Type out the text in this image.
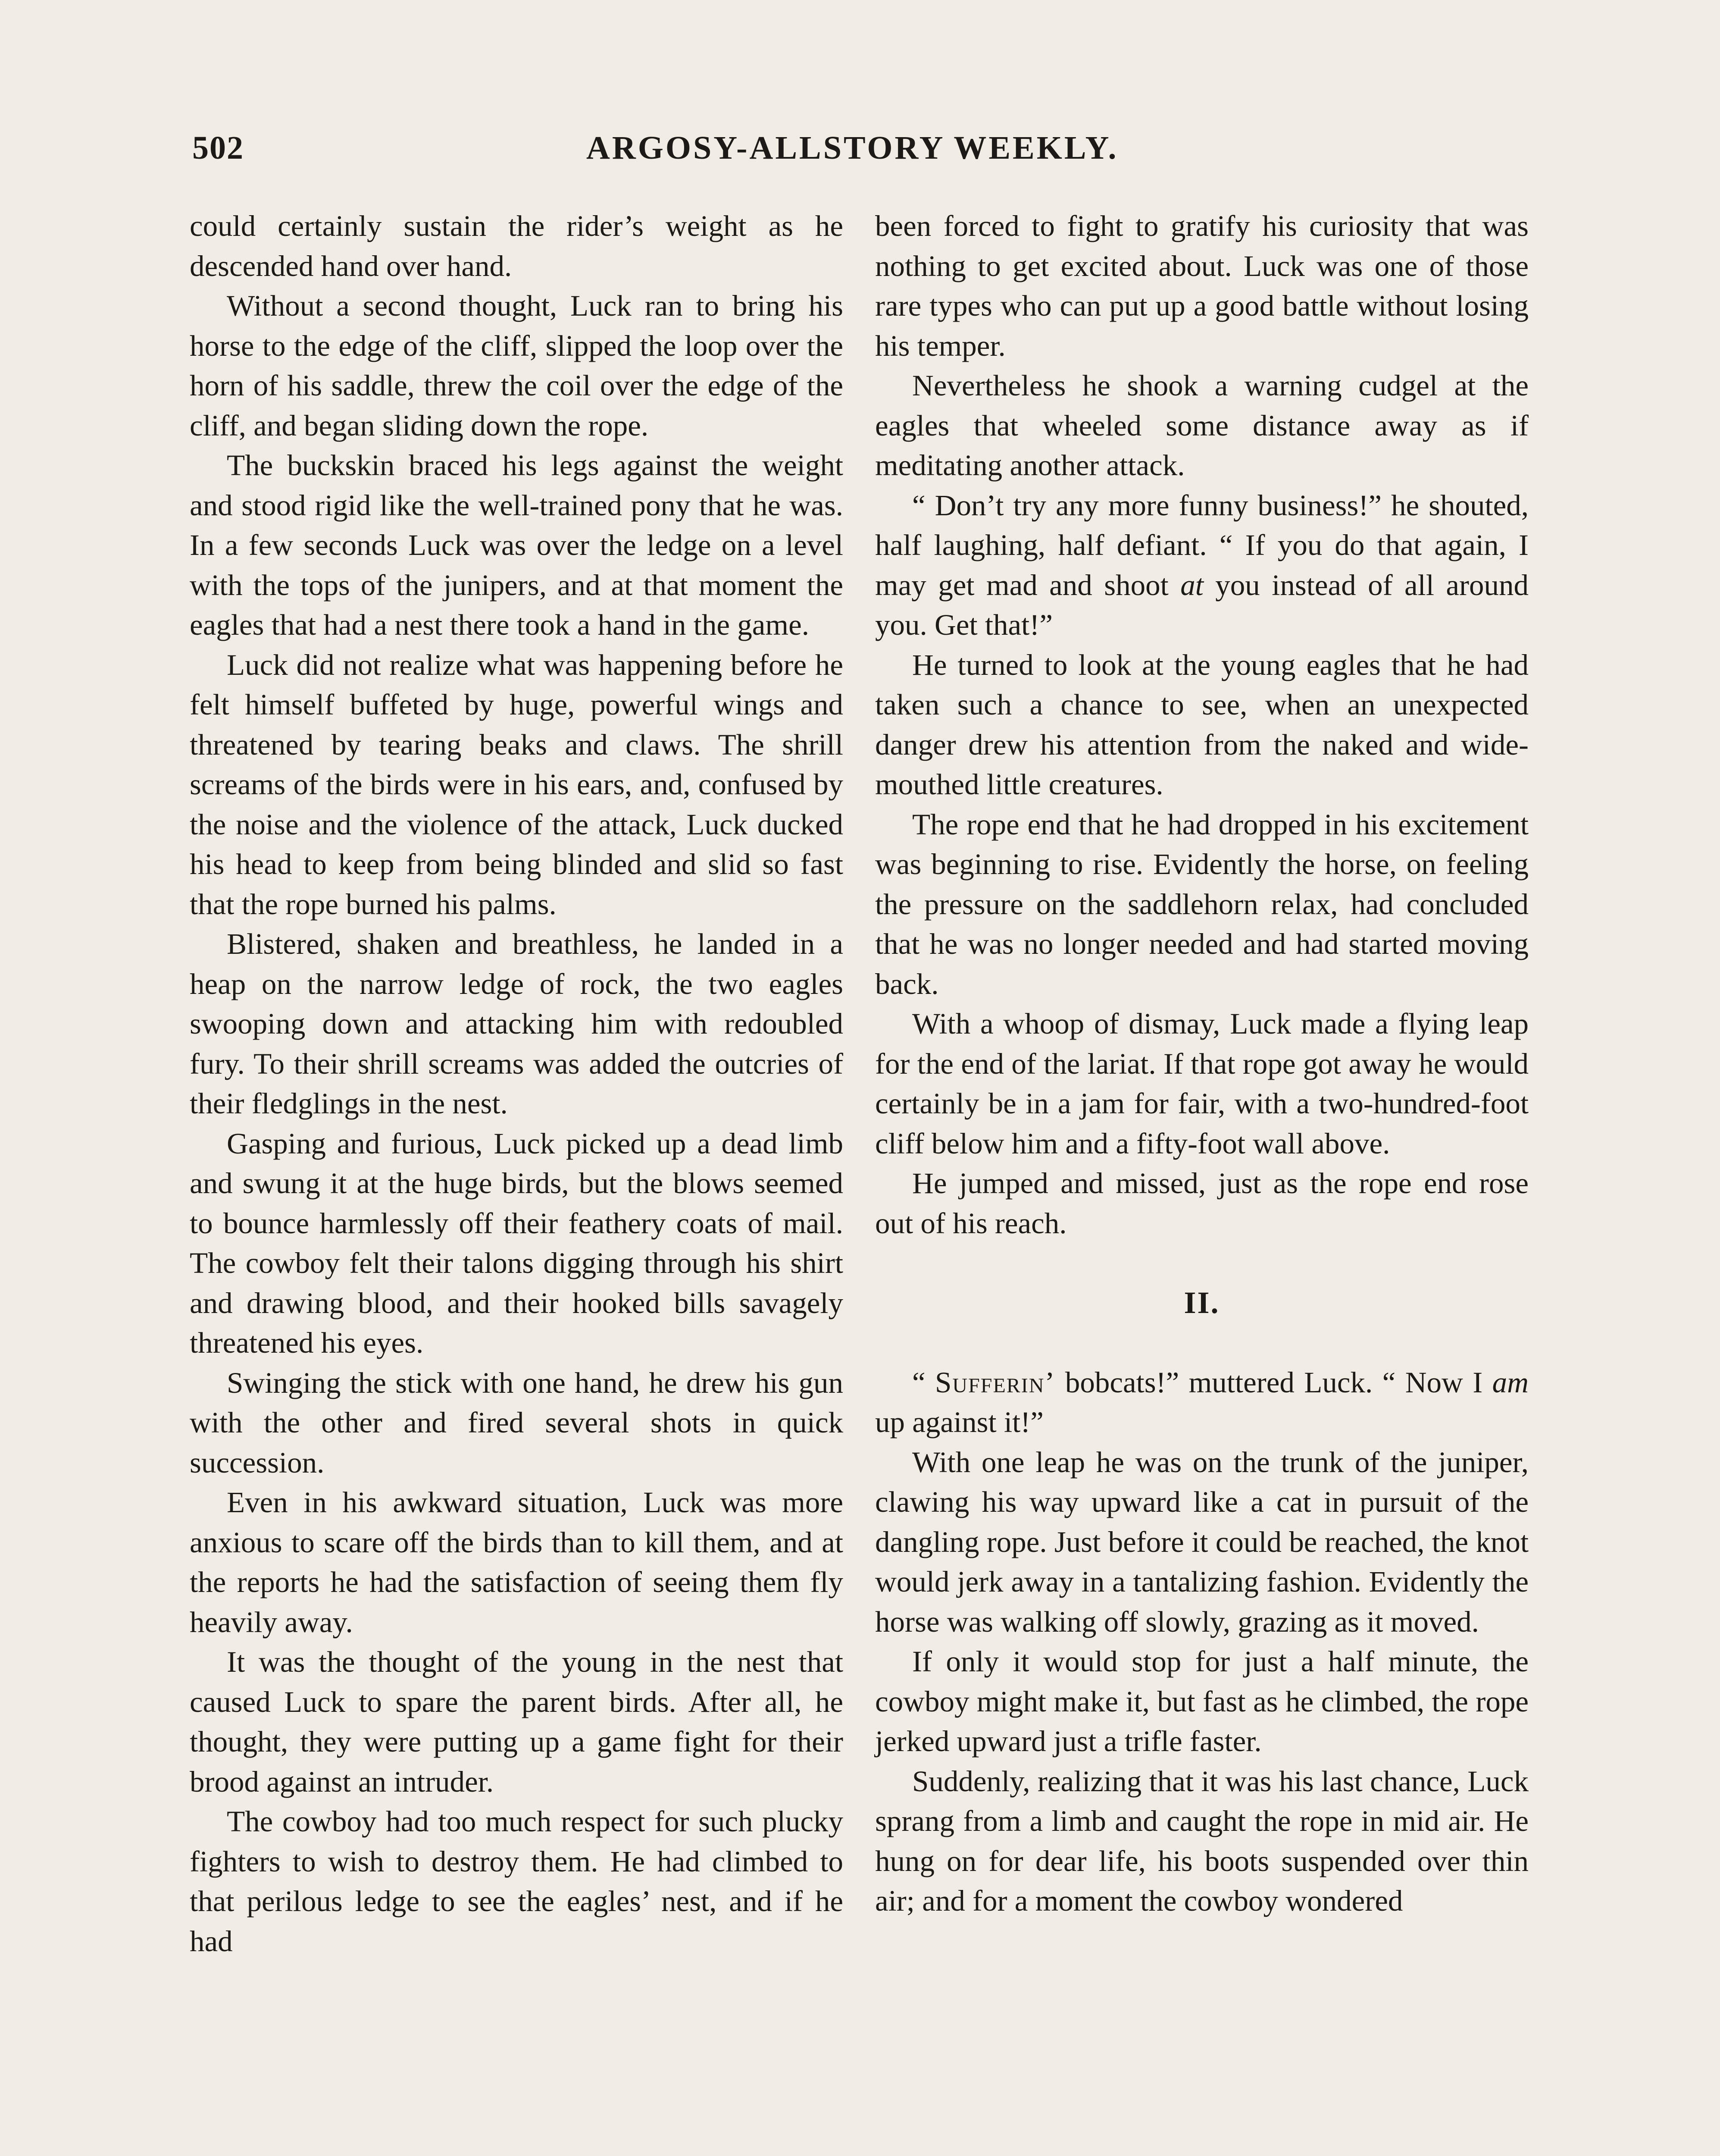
502	ARGOSY-ALLSTORY WEEKLY.

could certainly sustain the rider’s weight as he descended hand over hand.

Without a second thought, Luck ran to bring his horse to the edge of the cliff, slipped the loop over the horn of his saddle, threw the coil over the edge of the cliff, and began sliding down the rope.

The buckskin braced his legs against the weight and stood rigid like the well-trained pony that he was. In a few seconds Luck was over the ledge on a level with the tops of the junipers, and at that moment the eagles that had a nest there took a hand in the game.

Luck did not realize what was happening before he felt himself buffeted by huge, powerful wings and threatened by tearing beaks and claws. The shrill screams of the birds were in his ears, and, confused by the noise and the violence of the attack, Luck ducked his head to keep from being blinded and slid so fast that the rope burned his palms.

Blistered, shaken and breathless, he landed in a heap on the narrow ledge of rock, the two eagles swooping down and attacking him with redoubled fury. To their shrill screams was added the outcries of their fledglings in the nest.

Gasping and furious, Luck picked up a dead limb and swung it at the huge birds, but the blows seemed to bounce harmlessly off their feathery coats of mail. The cowboy felt their talons digging through his shirt and drawing blood, and their hooked bills savagely threatened his eyes.

Swinging the stick with one hand, he drew his gun with the other and fired several shots in quick succession.

Even in his awkward situation, Luck was more anxious to scare off the birds than to kill them, and at the reports he had the satisfaction of seeing them fly heavily away.

It was the thought of the young in the nest that caused Luck to spare the parent birds. After all, he thought, they were putting up a game fight for their brood against an intruder.

The cowboy had too much respect for such plucky fighters to wish to destroy them. He had climbed to that perilous ledge to see the eagles’ nest, and if he had

been forced to fight to gratify his curiosity that was nothing to get excited about. Luck was one of those rare types who can put up a good battle without losing his temper.

Nevertheless he shook a warning cudgel at the eagles that wheeled some distance away as if meditating another attack.

“ Don’t try any more funny business!” he shouted, half laughing, half defiant. “ If you do that again, I may get mad and shoot at you instead of all around you. Get that!”

He turned to look at the young eagles that he had taken such a chance to see, when an unexpected danger drew his attention from the naked and wide-mouthed little creatures.

The rope end that he had dropped in his excitement was beginning to rise. Evidently the horse, on feeling the pressure on the saddlehorn relax, had concluded that he was no longer needed and had started moving back.

With a whoop of dismay, Luck made a flying leap for the end of the lariat. If that rope got away he would certainly be in a jam for fair, with a two-hundred-foot cliff below him and a fifty-foot wall above.

He jumped and missed, just as the rope end rose out of his reach.

II.

“ Sufferin’ bobcats!” muttered Luck. “ Now I am up against it!”

With one leap he was on the trunk of the juniper, clawing his way upward like a cat in pursuit of the dangling rope. Just before it could be reached, the knot would jerk away in a tantalizing fashion. Evidently the horse was walking off slowly, grazing as it moved.

If only it would stop for just a half minute, the cowboy might make it, but fast as he climbed, the rope jerked upward just a trifle faster.

Suddenly, realizing that it was his last chance, Luck sprang from a limb and caught the rope in mid air. He hung on for dear life, his boots suspended over thin air; and for a moment the cowboy wondered
